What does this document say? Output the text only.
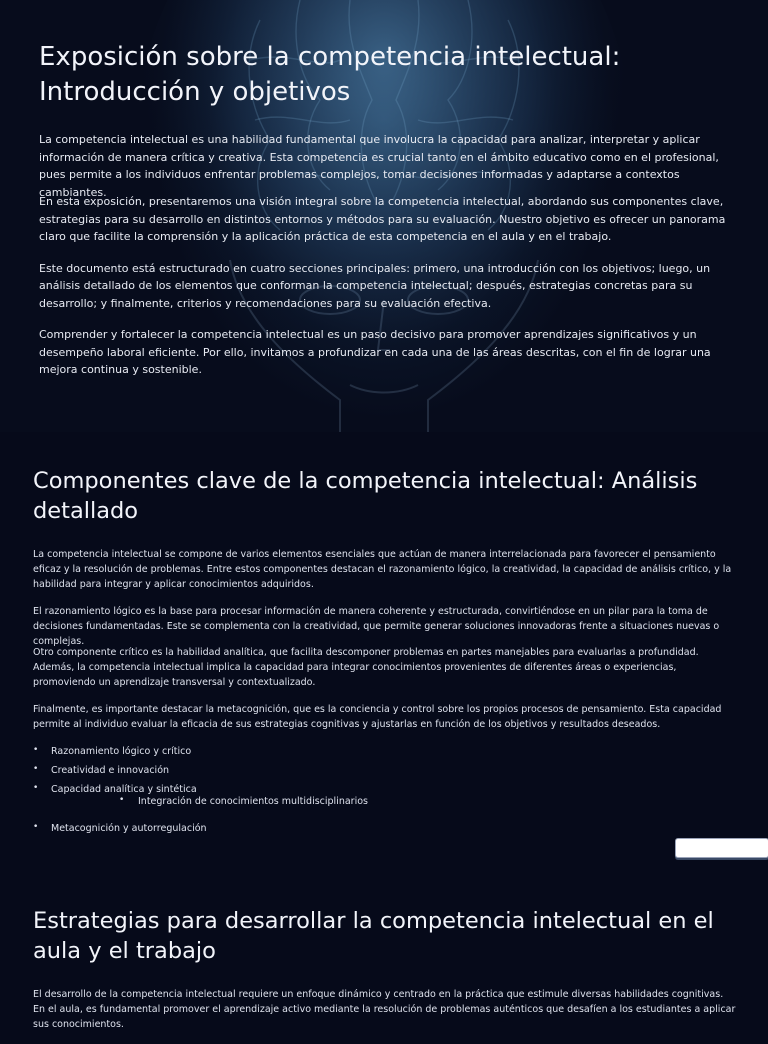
Exposición sobre la competencia intelectual:
Introducción y objetivos

La competencia intelectual es una habilidad fundamental que involucra la capacidad para analizar, interpretar y aplicar información de manera crítica y creativa. Esta competencia es crucial tanto en el ámbito educativo como en el profesional, pues permite a los individuos enfrentar problemas complejos, tomar decisiones informadas y adaptarse a contextos cambiantes.

En esta exposición, presentaremos una visión integral sobre la competencia intelectual, abordando sus componentes clave, estrategias para su desarrollo en distintos entornos y métodos para su evaluación. Nuestro objetivo es ofrecer un panorama claro que facilite la comprensión y la aplicación práctica de esta competencia en el aula y en el trabajo.

Este documento está estructurado en cuatro secciones principales: primero, una introducción con los objetivos; luego, un análisis detallado de los elementos que conforman la competencia intelectual; después, estrategias concretas para su desarrollo; y finalmente, criterios y recomendaciones para su evaluación efectiva.

Comprender y fortalecer la competencia intelectual es un paso decisivo para promover aprendizajes significativos y un desempeño laboral eficiente. Por ello, invitamos a profundizar en cada una de las áreas descritas, con el fin de lograr una mejora continua y sostenible.

Componentes clave de la competencia intelectual: Análisis detallado

La competencia intelectual se compone de varios elementos esenciales que actúan de manera interrelacionada para favorecer el pensamiento eficaz y la resolución de problemas. Entre estos componentes destacan el razonamiento lógico, la creatividad, la capacidad de análisis crítico, y la habilidad para integrar y aplicar conocimientos adquiridos.

El razonamiento lógico es la base para procesar información de manera coherente y estructurada, convirtiéndose en un pilar para la toma de decisiones fundamentadas. Este se complementa con la creatividad, que permite generar soluciones innovadoras frente a situaciones nuevas o complejas.

Otro componente crítico es la habilidad analítica, que facilita descomponer problemas en partes manejables para evaluarlas a profundidad. Además, la competencia intelectual implica la capacidad para integrar conocimientos provenientes de diferentes áreas o experiencias, promoviendo un aprendizaje transversal y contextualizado.

Finalmente, es importante destacar la metacognición, que es la conciencia y control sobre los propios procesos de pensamiento. Esta capacidad permite al individuo evaluar la eficacia de sus estrategias cognitivas y ajustarlas en función de los objetivos y resultados deseados.

• Razonamiento lógico y crítico
• Creatividad e innovación
• Capacidad analítica y sintética
• Integración de conocimientos multidisciplinarios
• Metacognición y autorregulación
Estrategias para desarrollar la competencia intelectual en el aula y el trabajo

El desarrollo de la competencia intelectual requiere un enfoque dinámico y centrado en la práctica que estimule diversas habilidades cognitivas. En el aula, es fundamental promover el aprendizaje activo mediante la resolución de problemas auténticos que desafíen a los estudiantes a aplicar sus conocimientos.
